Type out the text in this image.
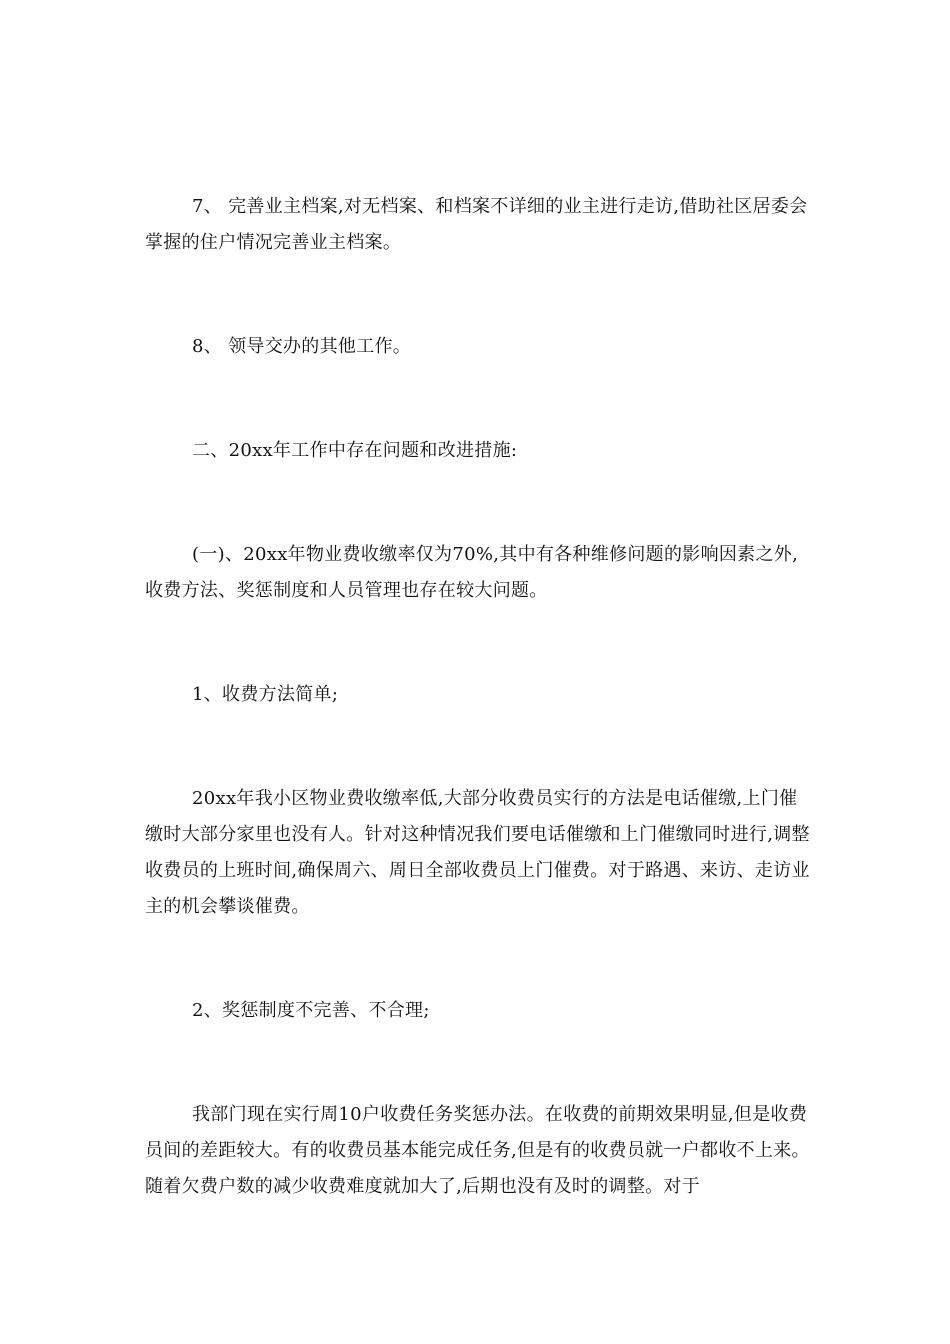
7、 完善业主档案,对无档案、和档案不详细的业主进行走访,借助社区居委会掌握的住户情况完善业主档案。

8、 领导交办的其他工作。

二、20xx年工作中存在问题和改进措施:

(一)、20xx年物业费收缴率仅为70%,其中有各种维修问题的影响因素之外,收费方法、奖惩制度和人员管理也存在较大问题。

1、收费方法简单;

20xx年我小区物业费收缴率低,大部分收费员实行的方法是电话催缴,上门催缴时大部分家里也没有人。针对这种情况我们要电话催缴和上门催缴同时进行,调整收费员的上班时间,确保周六、周日全部收费员上门催费。对于路遇、来访、走访业主的机会攀谈催费。

2、奖惩制度不完善、不合理;

我部门现在实行周10户收费任务奖惩办法。在收费的前期效果明显,但是收费员间的差距较大。有的收费员基本能完成任务,但是有的收费员就一户都收不上来。随着欠费户数的减少收费难度就加大了,后期也没有及时的调整。对于
